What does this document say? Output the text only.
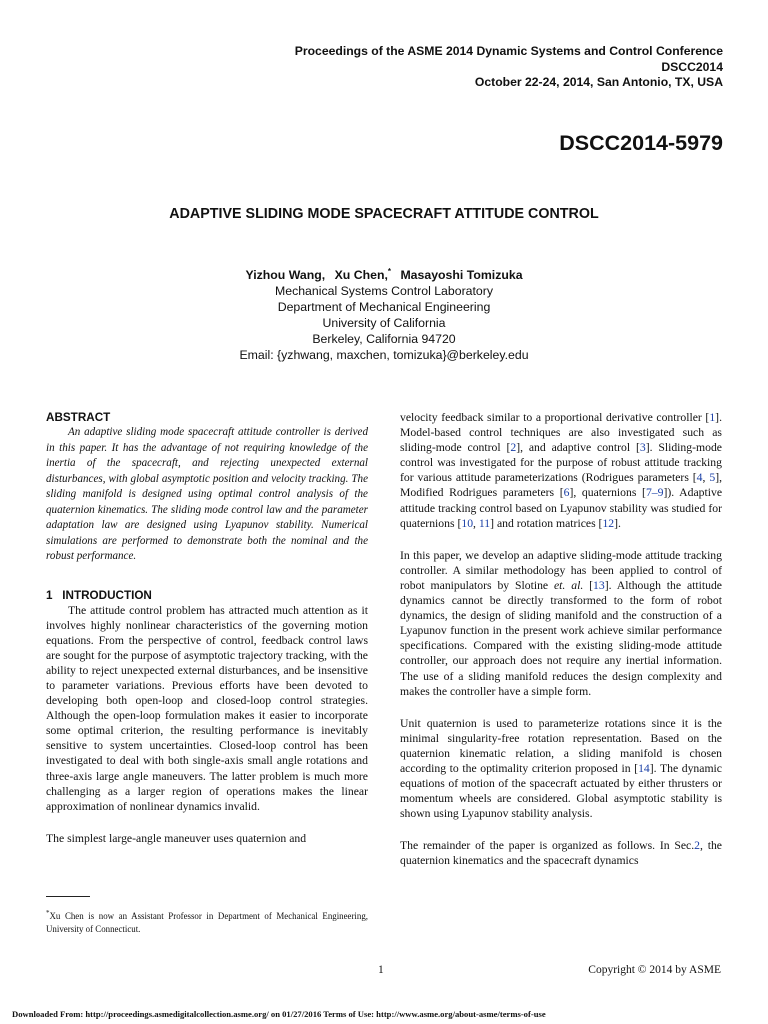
Proceedings of the ASME 2014 Dynamic Systems and Control Conference
DSCC2014
October 22-24, 2014, San Antonio, TX, USA
DSCC2014-5979
ADAPTIVE SLIDING MODE SPACECRAFT ATTITUDE CONTROL
Yizhou Wang, Xu Chen,* Masayoshi Tomizuka
Mechanical Systems Control Laboratory
Department of Mechanical Engineering
University of California
Berkeley, California 94720
Email: {yzhwang, maxchen, tomizuka}@berkeley.edu

ABSTRACT

An adaptive sliding mode spacecraft attitude controller is derived in this paper. It has the advantage of not requiring knowledge of the inertia of the spacecraft, and rejecting unexpected external disturbances, with global asymptotic position and velocity tracking. The sliding manifold is designed using optimal control analysis of the quaternion kinematics. The sliding mode control law and the parameter adaptation law are designed using Lyapunov stability. Numerical simulations are performed to demonstrate both the nominal and the robust performance.

1 INTRODUCTION

The attitude control problem has attracted much attention as it involves highly nonlinear characteristics of the governing motion equations. From the perspective of control, feedback control laws are sought for the purpose of asymptotic trajectory tracking, with the ability to reject unexpected external disturbances, and be insensitive to parameter variations. Previous efforts have been devoted to developing both open-loop and closed-loop control strategies. Although the open-loop formulation makes it easier to incorporate some optimal criterion, the resulting performance is inevitably sensitive to system uncertainties. Closed-loop control has been investigated to deal with both single-axis small angle rotations and three-axis large angle maneuvers. The latter problem is much more challenging as a larger region of operations makes the linear approximation of nonlinear dynamics invalid.

The simplest large-angle maneuver uses quaternion and

velocity feedback similar to a proportional derivative controller [1]. Model-based control techniques are also investigated such as sliding-mode control [2], and adaptive control [3]. Sliding-mode control was investigated for the purpose of robust attitude tracking for various attitude parameterizations (Rodrigues parameters [4, 5], Modified Rodrigues parameters [6], quaternions [7–9]). Adaptive attitude tracking control based on Lyapunov stability was studied for quaternions [10, 11] and rotation matrices [12].

In this paper, we develop an adaptive sliding-mode attitude tracking controller. A similar methodology has been applied to control of robot manipulators by Slotine et. al. [13]. Although the attitude dynamics cannot be directly transformed to the form of robot dynamics, the design of sliding manifold and the construction of a Lyapunov function in the present work achieve similar performance specifications. Compared with the existing sliding-mode attitude controller, our approach does not require any inertial information. The use of a sliding manifold reduces the design complexity and makes the controller have a simple form.

Unit quaternion is used to parameterize rotations since it is the minimal singularity-free rotation representation. Based on the quaternion kinematic relation, a sliding manifold is chosen according to the optimality criterion proposed in [14]. The dynamic equations of motion of the spacecraft actuated by either thrusters or momentum wheels are considered. Global asymptotic stability is shown using Lyapunov stability analysis.

The remainder of the paper is organized as follows. In Sec.2, the quaternion kinematics and the spacecraft dynamics

*Xu Chen is now an Assistant Professor in Department of Mechanical Engineering, University of Connecticut.
1	Copyright © 2014 by ASME
Downloaded From: http://proceedings.asmedigitalcollection.asme.org/ on 01/27/2016 Terms of Use: http://www.asme.org/about-asme/terms-of-use
